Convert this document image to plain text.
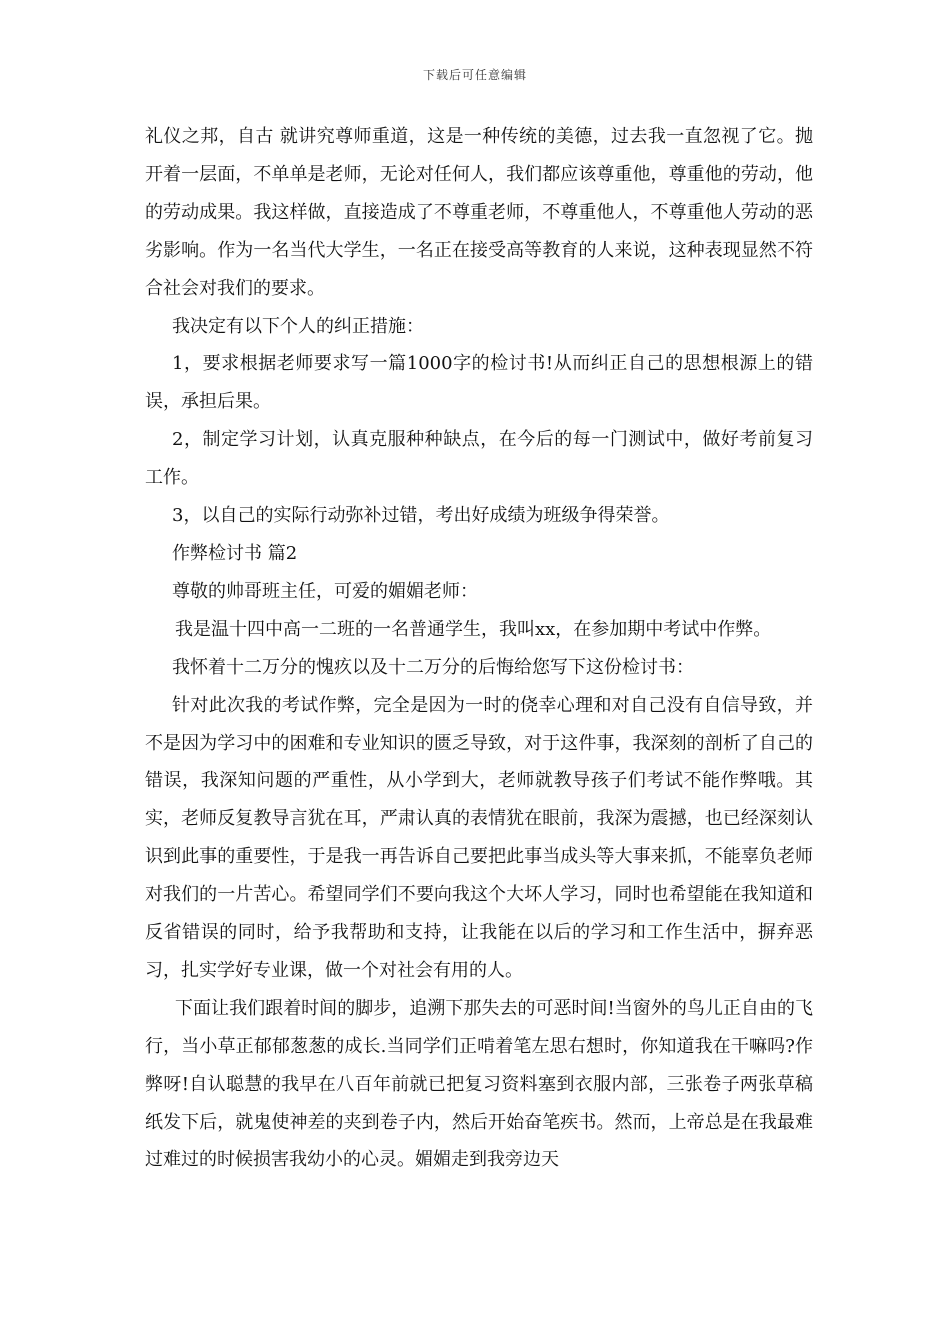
下载后可任意编辑

礼仪之邦，自古 就讲究尊师重道，这是一种传统的美德，过去我一直忽视了它。抛开着一层面，不单单是老师，无论对任何人，我们都应该尊重他，尊重他的劳动，他的劳动成果。我这样做，直接造成了不尊重老师，不尊重他人，不尊重他人劳动的恶劣影响。作为一名当代大学生，一名正在接受高等教育的人来说，这种表现显然不符合社会对我们的要求。

我决定有以下个人的纠正措施：

1，要求根据老师要求写一篇1000字的检讨书!从而纠正自己的思想根源上的错误，承担后果。

2，制定学习计划，认真克服种种缺点，在今后的每一门测试中，做好考前复习工作。

3，以自己的实际行动弥补过错，考出好成绩为班级争得荣誉。

作弊检讨书 篇2

尊敬的帅哥班主任，可爱的媚媚老师：

我是温十四中高一二班的一名普通学生，我叫xx，在参加期中考试中作弊。

我怀着十二万分的愧疚以及十二万分的后悔给您写下这份检讨书：

针对此次我的考试作弊，完全是因为一时的侥幸心理和对自己没有自信导致，并不是因为学习中的困难和专业知识的匮乏导致，对于这件事，我深刻的剖析了自己的错误，我深知问题的严重性，从小学到大，老师就教导孩子们考试不能作弊哦。其实，老师反复教导言犹在耳，严肃认真的表情犹在眼前，我深为震撼，也已经深刻认识到此事的重要性，于是我一再告诉自己要把此事当成头等大事来抓，不能辜负老师对我们的一片苦心。希望同学们不要向我这个大坏人学习，同时也希望能在我知道和反省错误的同时，给予我帮助和支持，让我能在以后的学习和工作生活中，摒弃恶习，扎实学好专业课，做一个对社会有用的人。

下面让我们跟着时间的脚步，追溯下那失去的可恶时间!当窗外的鸟儿正自由的飞行，当小草正郁郁葱葱的成长.当同学们正啃着笔左思右想时，你知道我在干嘛吗?作弊呀!自认聪慧的我早在八百年前就已把复习资料塞到衣服内部，三张卷子两张草稿纸发下后，就鬼使神差的夹到卷子内，然后开始奋笔疾书。然而，上帝总是在我最难过难过的时候损害我幼小的心灵。媚媚走到我旁边天
